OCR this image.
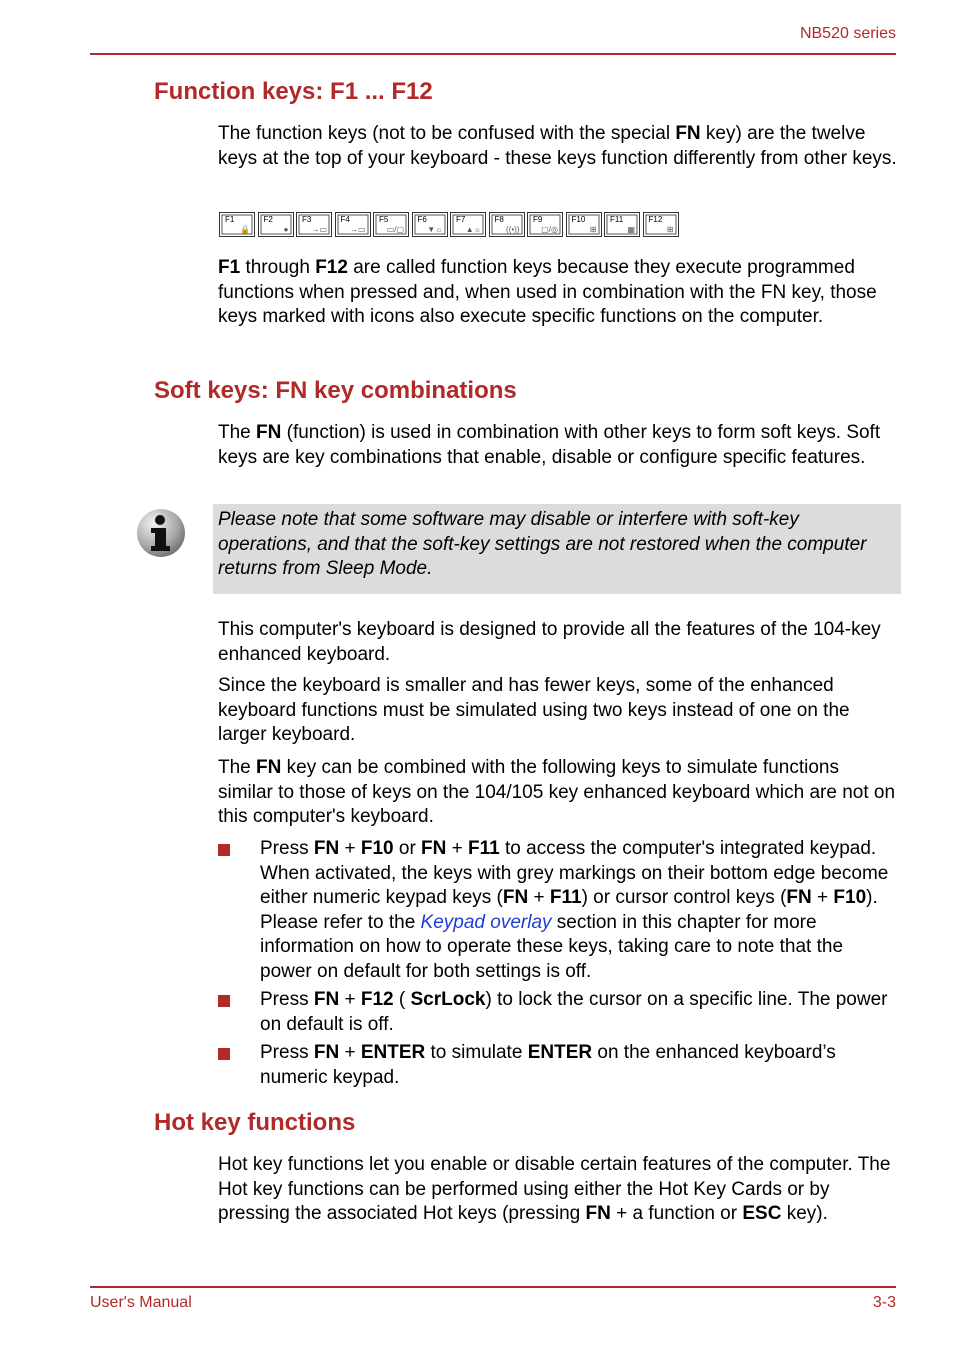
NB520 series
Function keys: F1 ... F12

The function keys (not to be confused with the special FN key) are the twelve keys at the top of your keyboard - these keys function differently from other keys.

F1
🔒
F2
●
F3
→▭
F4
→▭
F5
▭/▢
F6
▼☼
F7
▲☼
F8
((•))
F9
▢/◎
F10
⊞
F11
▦
F12
⊞

F1 through F12 are called function keys because they execute programmed functions when pressed and, when used in combination with the FN key, those keys marked with icons also execute specific functions on the computer.

Soft keys: FN key combinations

The FN (function) is used in combination with other keys to form soft keys. Soft keys are key combinations that enable, disable or configure specific features.

Please note that some software may disable or interfere with soft-key operations, and that the soft-key settings are not restored when the computer returns from Sleep Mode.

This computer's keyboard is designed to provide all the features of the 104-key enhanced keyboard.

Since the keyboard is smaller and has fewer keys, some of the enhanced keyboard functions must be simulated using two keys instead of one on the larger keyboard.

The FN key can be combined with the following keys to simulate functions similar to those of keys on the 104/105 key enhanced keyboard which are not on this computer's keyboard.

Press FN + F10 or FN + F11 to access the computer's integrated keypad. When activated, the keys with grey markings on their bottom edge become either numeric keypad keys (FN + F11) or cursor control keys (FN + F10). Please refer to the Keypad overlay section in this chapter for more information on how to operate these keys, taking care to note that the power on default for both settings is off.
Press FN + F12 ( ScrLock) to lock the cursor on a specific line. The power on default is off.
Press FN + ENTER to simulate ENTER on the enhanced keyboard’s numeric keypad.
Hot key functions

Hot key functions let you enable or disable certain features of the computer. The Hot key functions can be performed using either the Hot Key Cards or by pressing the associated Hot keys (pressing FN + a function or ESC key).

User's Manual	3-3
